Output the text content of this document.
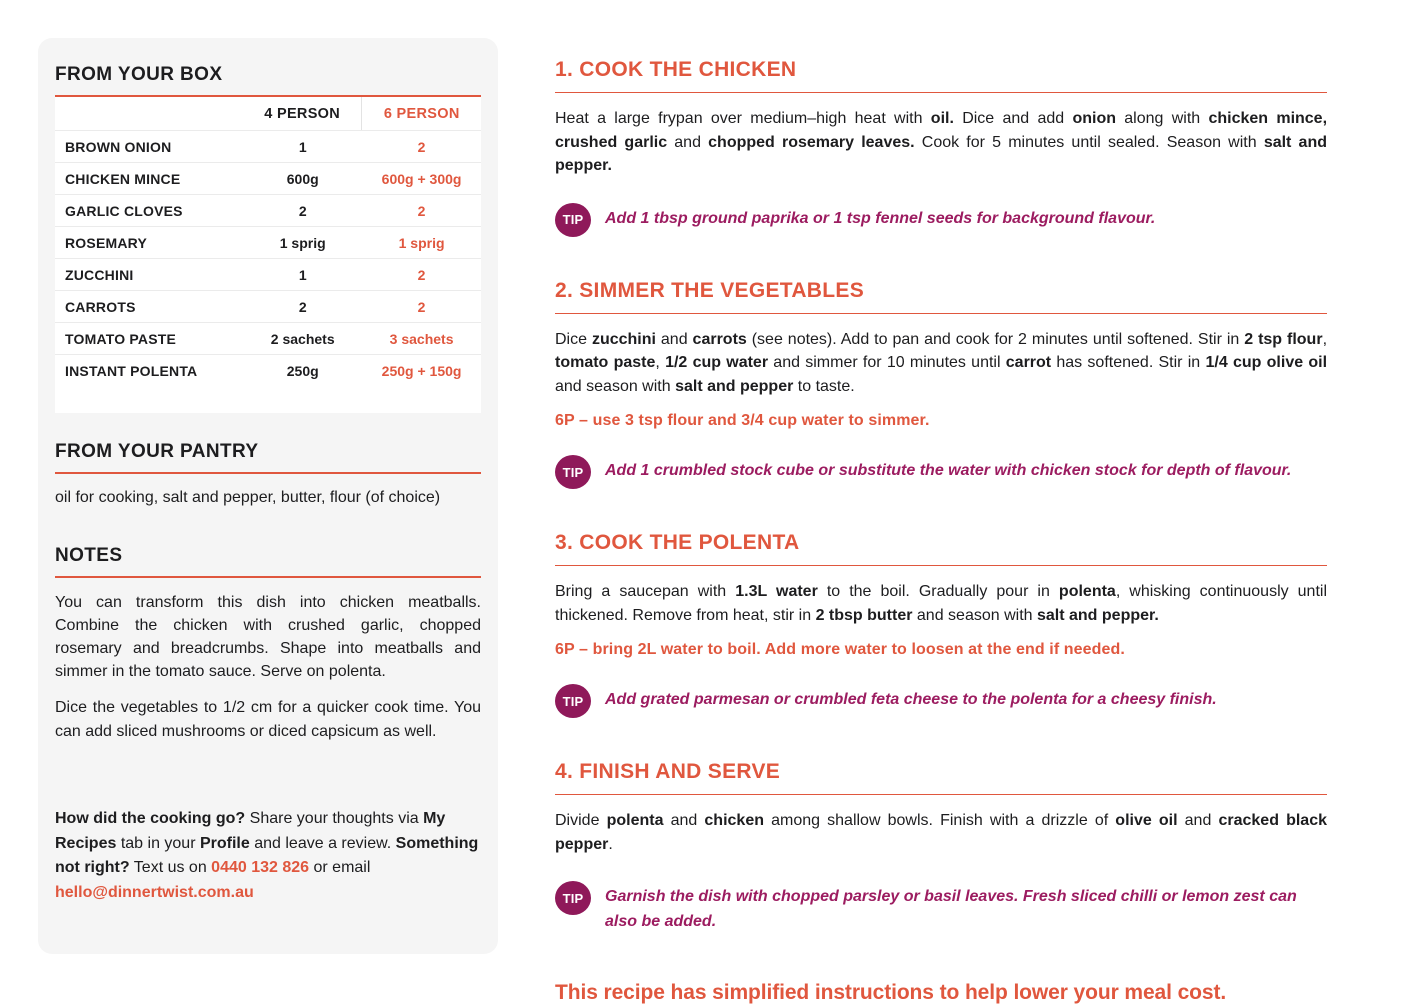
FROM YOUR BOX
4 PERSON	6 PERSON
BROWN ONION	1	2
CHICKEN MINCE	600g	600g + 300g
GARLIC CLOVES	2	2
ROSEMARY	1 sprig	1 sprig
ZUCCHINI	1	2
CARROTS	2	2
TOMATO PASTE	2 sachets	3 sachets
INSTANT POLENTA	250g	250g + 150g
FROM YOUR PANTRY

oil for cooking, salt and pepper, butter, flour (of choice)

NOTES

You can transform this dish into chicken meatballs. Combine the chicken with crushed garlic, chopped rosemary and breadcrumbs. Shape into meatballs and simmer in the tomato sauce. Serve on polenta.

Dice the vegetables to 1/2 cm for a quicker cook time. You can add sliced mushrooms or diced capsicum as well.

How did the cooking go? Share your thoughts via My Recipes tab in your Profile and leave a review. Something not right? Text us on 0440 132 826 or email hello@dinnertwist.com.au

1. COOK THE CHICKEN

Heat a large frypan over medium–high heat with oil. Dice and add onion along with chicken mince, crushed garlic and chopped rosemary leaves. Cook for 5 minutes until sealed. Season with salt and pepper.

TIP	Add 1 tbsp ground paprika or 1 tsp fennel seeds for background flavour.

2. SIMMER THE VEGETABLES

Dice zucchini and carrots (see notes). Add to pan and cook for 2 minutes until softened. Stir in 2 tsp flour, tomato paste, 1/2 cup water and simmer for 10 minutes until carrot has softened. Stir in 1/4 cup olive oil and season with salt and pepper to taste.

6P – use 3 tsp flour and 3/4 cup water to simmer.

TIP	Add 1 crumbled stock cube or substitute the water with chicken stock for depth of flavour.

3. COOK THE POLENTA

Bring a saucepan with 1.3L water to the boil. Gradually pour in polenta, whisking continuously until thickened. Remove from heat, stir in 2 tbsp butter and season with salt and pepper.

6P – bring 2L water to boil. Add more water to loosen at the end if needed.

TIP	Add grated parmesan or crumbled feta cheese to the polenta for a cheesy finish.

4. FINISH AND SERVE

Divide polenta and chicken among shallow bowls. Finish with a drizzle of olive oil and cracked black pepper.

TIP	Garnish the dish with chopped parsley or basil leaves. Fresh sliced chilli or lemon zest can also be added.

This recipe has simplified instructions to help lower your meal cost.
